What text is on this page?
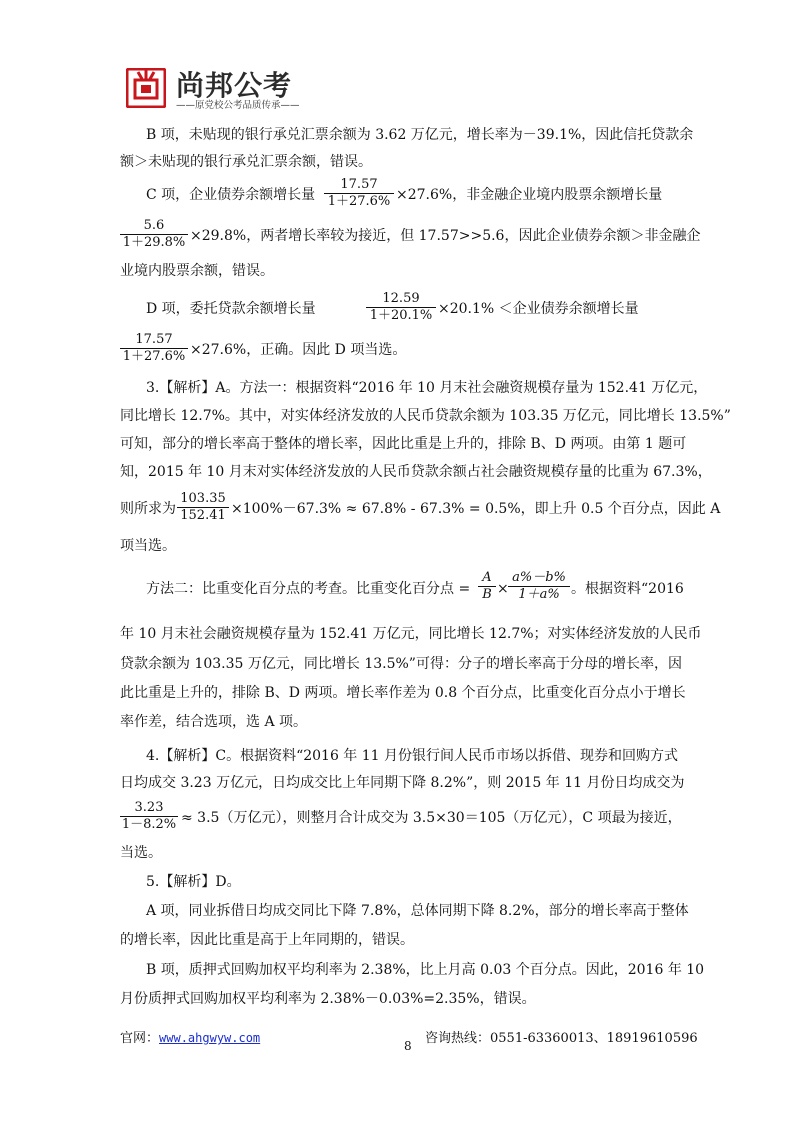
尚邦公考
——原党校公考品质传承——
B 项，未贴现的银行承兑汇票余额为 3.62 万亿元，增长率为－39.1%，因此信托贷款余
额＞未贴现的银行承兑汇票余额，错误。
C 项，企业债券余额增长量 $\frac{17.57}{1+27.6\%} \times 27.6\%$，非金融企业境内股票余额增长量
$\frac{5.6}{1+29.8\%} \times 29.8\%$，两者增长率较为接近，但 17.57>>5.6，因此企业债券余额＞非金融企
业境内股票余额，错误。
D 项，委托贷款余额增长量	$\frac{12.59}{1+20.1\%} \times 20.1\%$ ＜企业债券余额增长量
$\frac{17.57}{1+27.6\%} \times 27.6\%$，正确。因此 D 项当选。
3.【解析】A。方法一：根据资料“2016 年 10 月末社会融资规模存量为 152.41 万亿元，
同比增长 12.7%。其中，对实体经济发放的人民币贷款余额为 103.35 万亿元，同比增长 13.5%”
可知，部分的增长率高于整体的增长率，因此比重是上升的，排除 B、D 两项。由第 1 题可
知，2015 年 10 月末对实体经济发放的人民币贷款余额占社会融资规模存量的比重为 67.3%，
则所求为 $\frac{103.35}{152.41} \times 100\%-67.3\% \approx 67.8\% - 67.3\% = 0.5\%$，即上升 0.5 个百分点，因此 A
项当选。
方法二：比重变化百分点的考查。比重变化百分点 = $\frac{A}{B} \times \frac{a\%-b\%}{1+a\%}$ 。根据资料“2016
年 10 月末社会融资规模存量为 152.41 万亿元，同比增长 12.7%；对实体经济发放的人民币
贷款余额为 103.35 万亿元，同比增长 13.5%”可得：分子的增长率高于分母的增长率，因
此比重是上升的，排除 B、D 两项。增长率作差为 0.8 个百分点，比重变化百分点小于增长
率作差，结合选项，选 A 项。
4.【解析】C。根据资料“2016 年 11 月份银行间人民币市场以拆借、现券和回购方式
日均成交 3.23 万亿元，日均成交比上年同期下降 8.2%”，则 2015 年 11 月份日均成交为
$\frac{3.23}{1-8.2\%} \approx 3.5$（万亿元），则整月合计成交为 3.5×30＝105（万亿元），C 项最为接近，
当选。
5.【解析】D。
A 项，同业拆借日均成交同比下降 7.8%，总体同期下降 8.2%，部分的增长率高于整体
的增长率，因此比重是高于上年同期的，错误。
B 项，质押式回购加权平均利率为 2.38%，比上月高 0.03 个百分点。因此，2016 年 10
月份质押式回购加权平均利率为 2.38%－0.03%=2.35%，错误。
官网：www.ahgwyw.com	咨询热线：0551-63360013、18919610596
8
